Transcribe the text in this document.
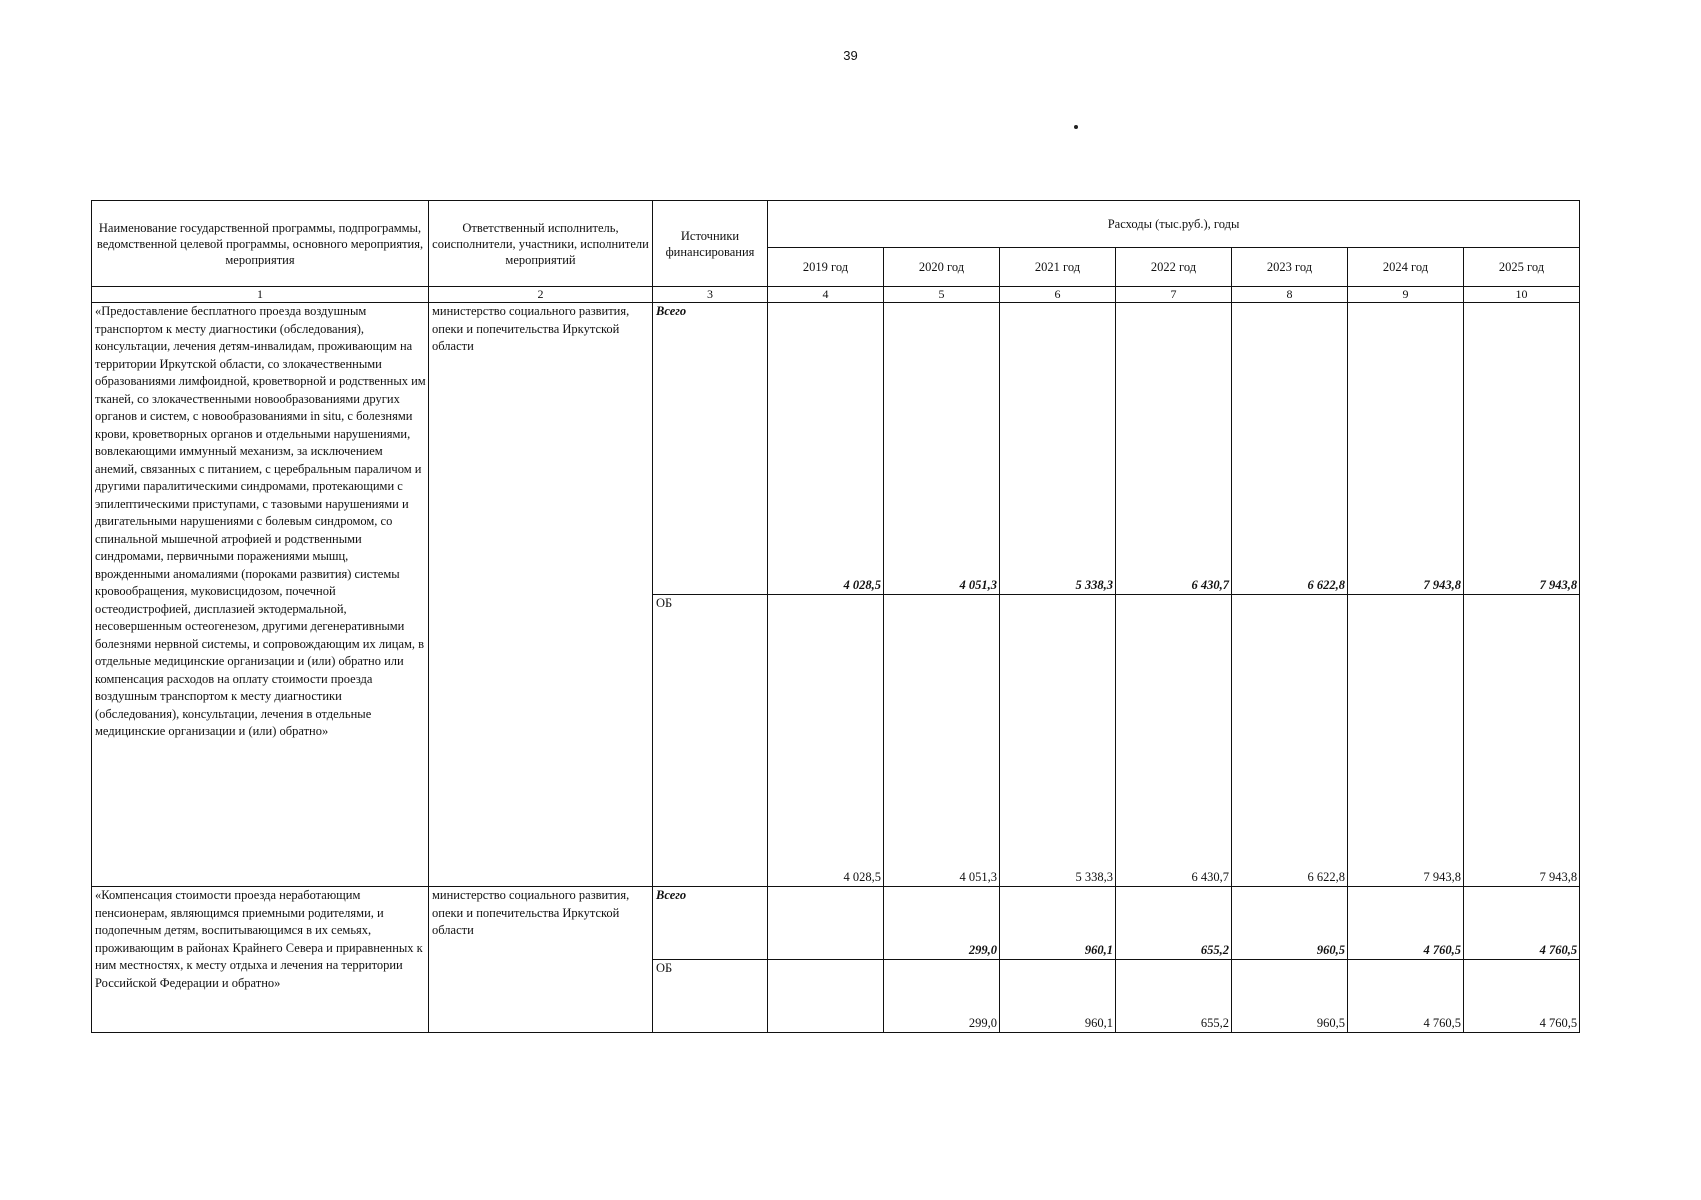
39
Наименование государственной программы, подпрограммы, ведомственной целевой программы, основного мероприятия, мероприятия	Ответственный исполнитель, соисполнители, участники, исполнители мероприятий	Источники финансирования	Расходы (тыс.руб.), годы						
			2019 год	2020 год	2021 год	2022 год	2023 год	2024 год	2025 год
1	2	3	4	5	6	7	8	9	10
«Предоставление бесплатного проезда воздушным транспортом к месту диагностики (обследования), консультации, лечения детям-инвалидам, проживающим на территории Иркутской области, со злокачественными образованиями лимфоидной, кроветворной и родственных им тканей, со злокачественными новообразованиями других органов и систем, с новообразованиями in situ, с болезнями крови, кроветворных органов и отдельными нарушениями, вовлекающими иммунный механизм, за исключением анемий, связанных с питанием, с церебральным параличом и другими паралитическими синдромами, протекающими с эпилептическими приступами, с тазовыми нарушениями и двигательными нарушениями с болевым синдромом, со спинальной мышечной атрофией и родственными синдромами, первичными поражениями мышц, врожденными аномалиями (пороками развития) системы кровообращения, муковисцидозом, почечной остеодистрофией, дисплазией эктодермальной, несовершенным остеогенезом, другими дегенеративными болезнями нервной системы, и сопровождающим их лицам, в отдельные медицинские организации и (или) обратно или компенсация расходов на оплату стоимости проезда воздушным транспортом к месту диагностики (обследования), консультации, лечения в отдельные медицинские организации и (или) обратно»	министерство социального развития, опеки и попечительства Иркутской области	Всего	4 028,5	4 051,3	5 338,3	6 430,7	6 622,8	7 943,8	7 943,8
		ОБ	4 028,5	4 051,3	5 338,3	6 430,7	6 622,8	7 943,8	7 943,8
«Компенсация стоимости проезда неработающим пенсионерам, являющимся приемными родителями, и подопечным детям, воспитывающимся в их семьях, проживающим в районах Крайнего Севера и приравненных к ним местностях, к месту отдыха и лечения на территории Российской Федерации и обратно»	министерство социального развития, опеки и попечительства Иркутской области	Всего		299,0	960,1	655,2	960,5	4 760,5	4 760,5
		ОБ		299,0	960,1	655,2	960,5	4 760,5	4 760,5
